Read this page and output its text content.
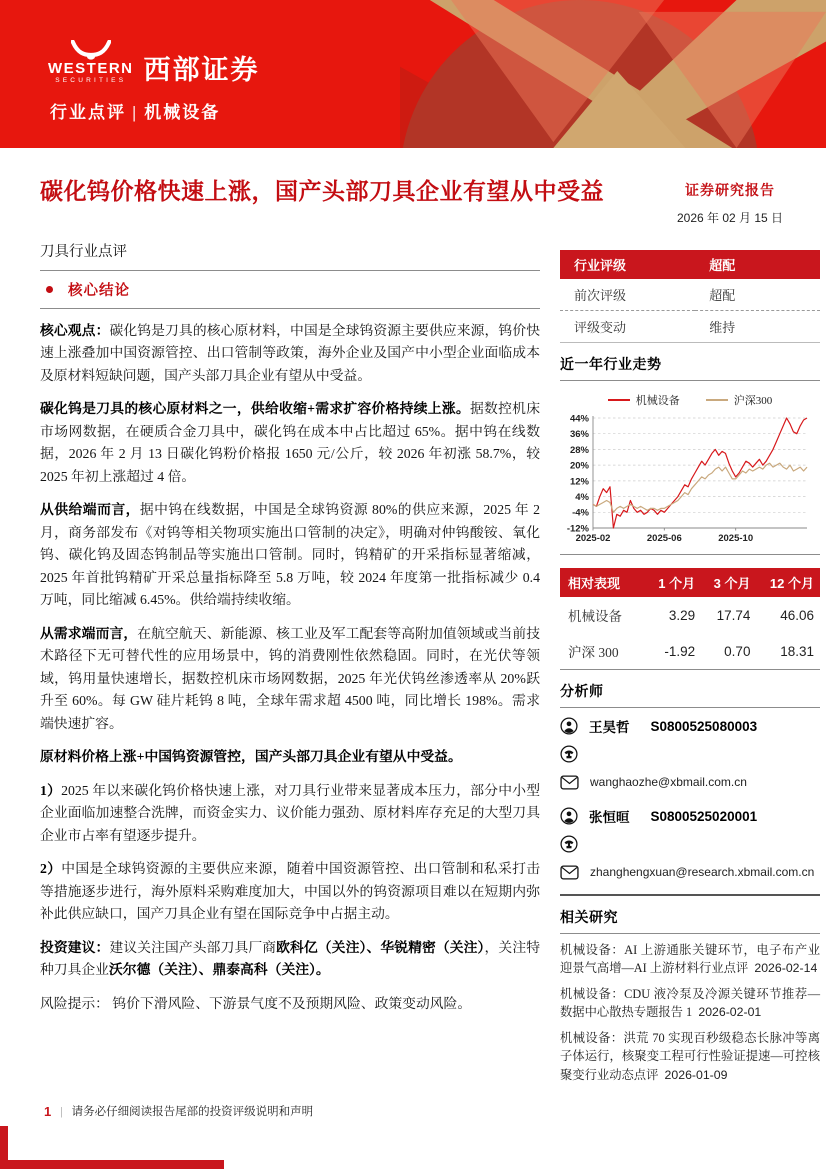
WESTERN
SECURITIES 西部证券
行业点评 | 机械设备
碳化钨价格快速上涨，国产头部刀具企业有望从中受益	证券研究报告
2026 年 02 月 15 日
刀具行业点评
核心结论

核心观点：碳化钨是刀具的核心原材料，中国是全球钨资源主要供应来源，钨价快速上涨叠加中国资源管控、出口管制等政策，海外企业及国产中小型企业面临成本及原材料短缺问题，国产头部刀具企业有望从中受益。

碳化钨是刀具的核心原材料之一，供给收缩+需求扩容价格持续上涨。据数控机床市场网数据，在硬质合金刀具中，碳化钨在成本中占比超过 65%。据中钨在线数据，2026 年 2 月 13 日碳化钨粉价格报 1650 元/公斤，较 2026 年初涨 58.7%，较 2025 年初上涨超过 4 倍。

从供给端而言，据中钨在线数据，中国是全球钨资源 80%的供应来源，2025 年 2 月，商务部发布《对钨等相关物项实施出口管制的决定》，明确对仲钨酸铵、氧化钨、碳化钨及固态钨制品等实施出口管制。同时，钨精矿的开采指标显著缩减，2025 年首批钨精矿开采总量指标降至 5.8 万吨，较 2024 年度第一批指标减少 0.4 万吨，同比缩减 6.45%。供给端持续收缩。

从需求端而言，在航空航天、新能源、核工业及军工配套等高附加值领域或当前技术路径下无可替代性的应用场景中，钨的消费刚性依然稳固。同时，在光伏等领域，钨用量快速增长，据数控机床市场网数据，2025 年光伏钨丝渗透率从 20%跃升至 60%。每 GW 硅片耗钨 8 吨，全球年需求超 4500 吨，同比增长 198%。需求端快速扩容。

原材料价格上涨+中国钨资源管控，国产头部刀具企业有望从中受益。

1）2025 年以来碳化钨价格快速上涨，对刀具行业带来显著成本压力，部分中小型企业面临加速整合洗牌，而资金实力、议价能力强劲、原材料库存充足的大型刀具企业市占率有望逐步提升。

2）中国是全球钨资源的主要供应来源，随着中国资源管控、出口管制和私采打击等措施逐步进行，海外原料采购难度加大，中国以外的钨资源项目难以在短期内弥补此供应缺口，国产刀具企业有望在国际竞争中占据主动。

投资建议：建议关注国产头部刀具厂商欧科亿（关注）、华锐精密（关注），关注特种刀具企业沃尔德（关注）、鼎泰高科（关注）。

风险提示： 钨价下滑风险、下游景气度不及预期风险、政策变动风险。

行业评级	超配
前次评级	超配
评级变动	维持
近一年行业走势
机械设备	沪深300
44%
36%
28%
20%
12%
4%
-4%
-12%
2025-02	2025-06	2025-10
相对表现	1 个月	3 个月	12 个月
机械设备	3.29	17.74	46.06
沪深 300	-1.92	0.70	18.31
分析师
王昊哲 S0800525080003
wanghaozhe@xbmail.com.cn
张恒晅 S0800525020001
zhanghengxuan@research.xbmail.com.cn
相关研究
机械设备：AI 上游通胀关键环节，电子布产业迎景气高增—AI 上游材料行业点评 2026-02-14
机械设备：CDU 液冷泵及冷源关键环节推荐—数据中心散热专题报告 1 2026-02-01
机械设备：洪荒 70 实现百秒级稳态长脉冲等离子体运行，核聚变工程可行性验证提速—可控核聚变行业动态点评 2026-01-09
1 | 请务必仔细阅读报告尾部的投资评级说明和声明
